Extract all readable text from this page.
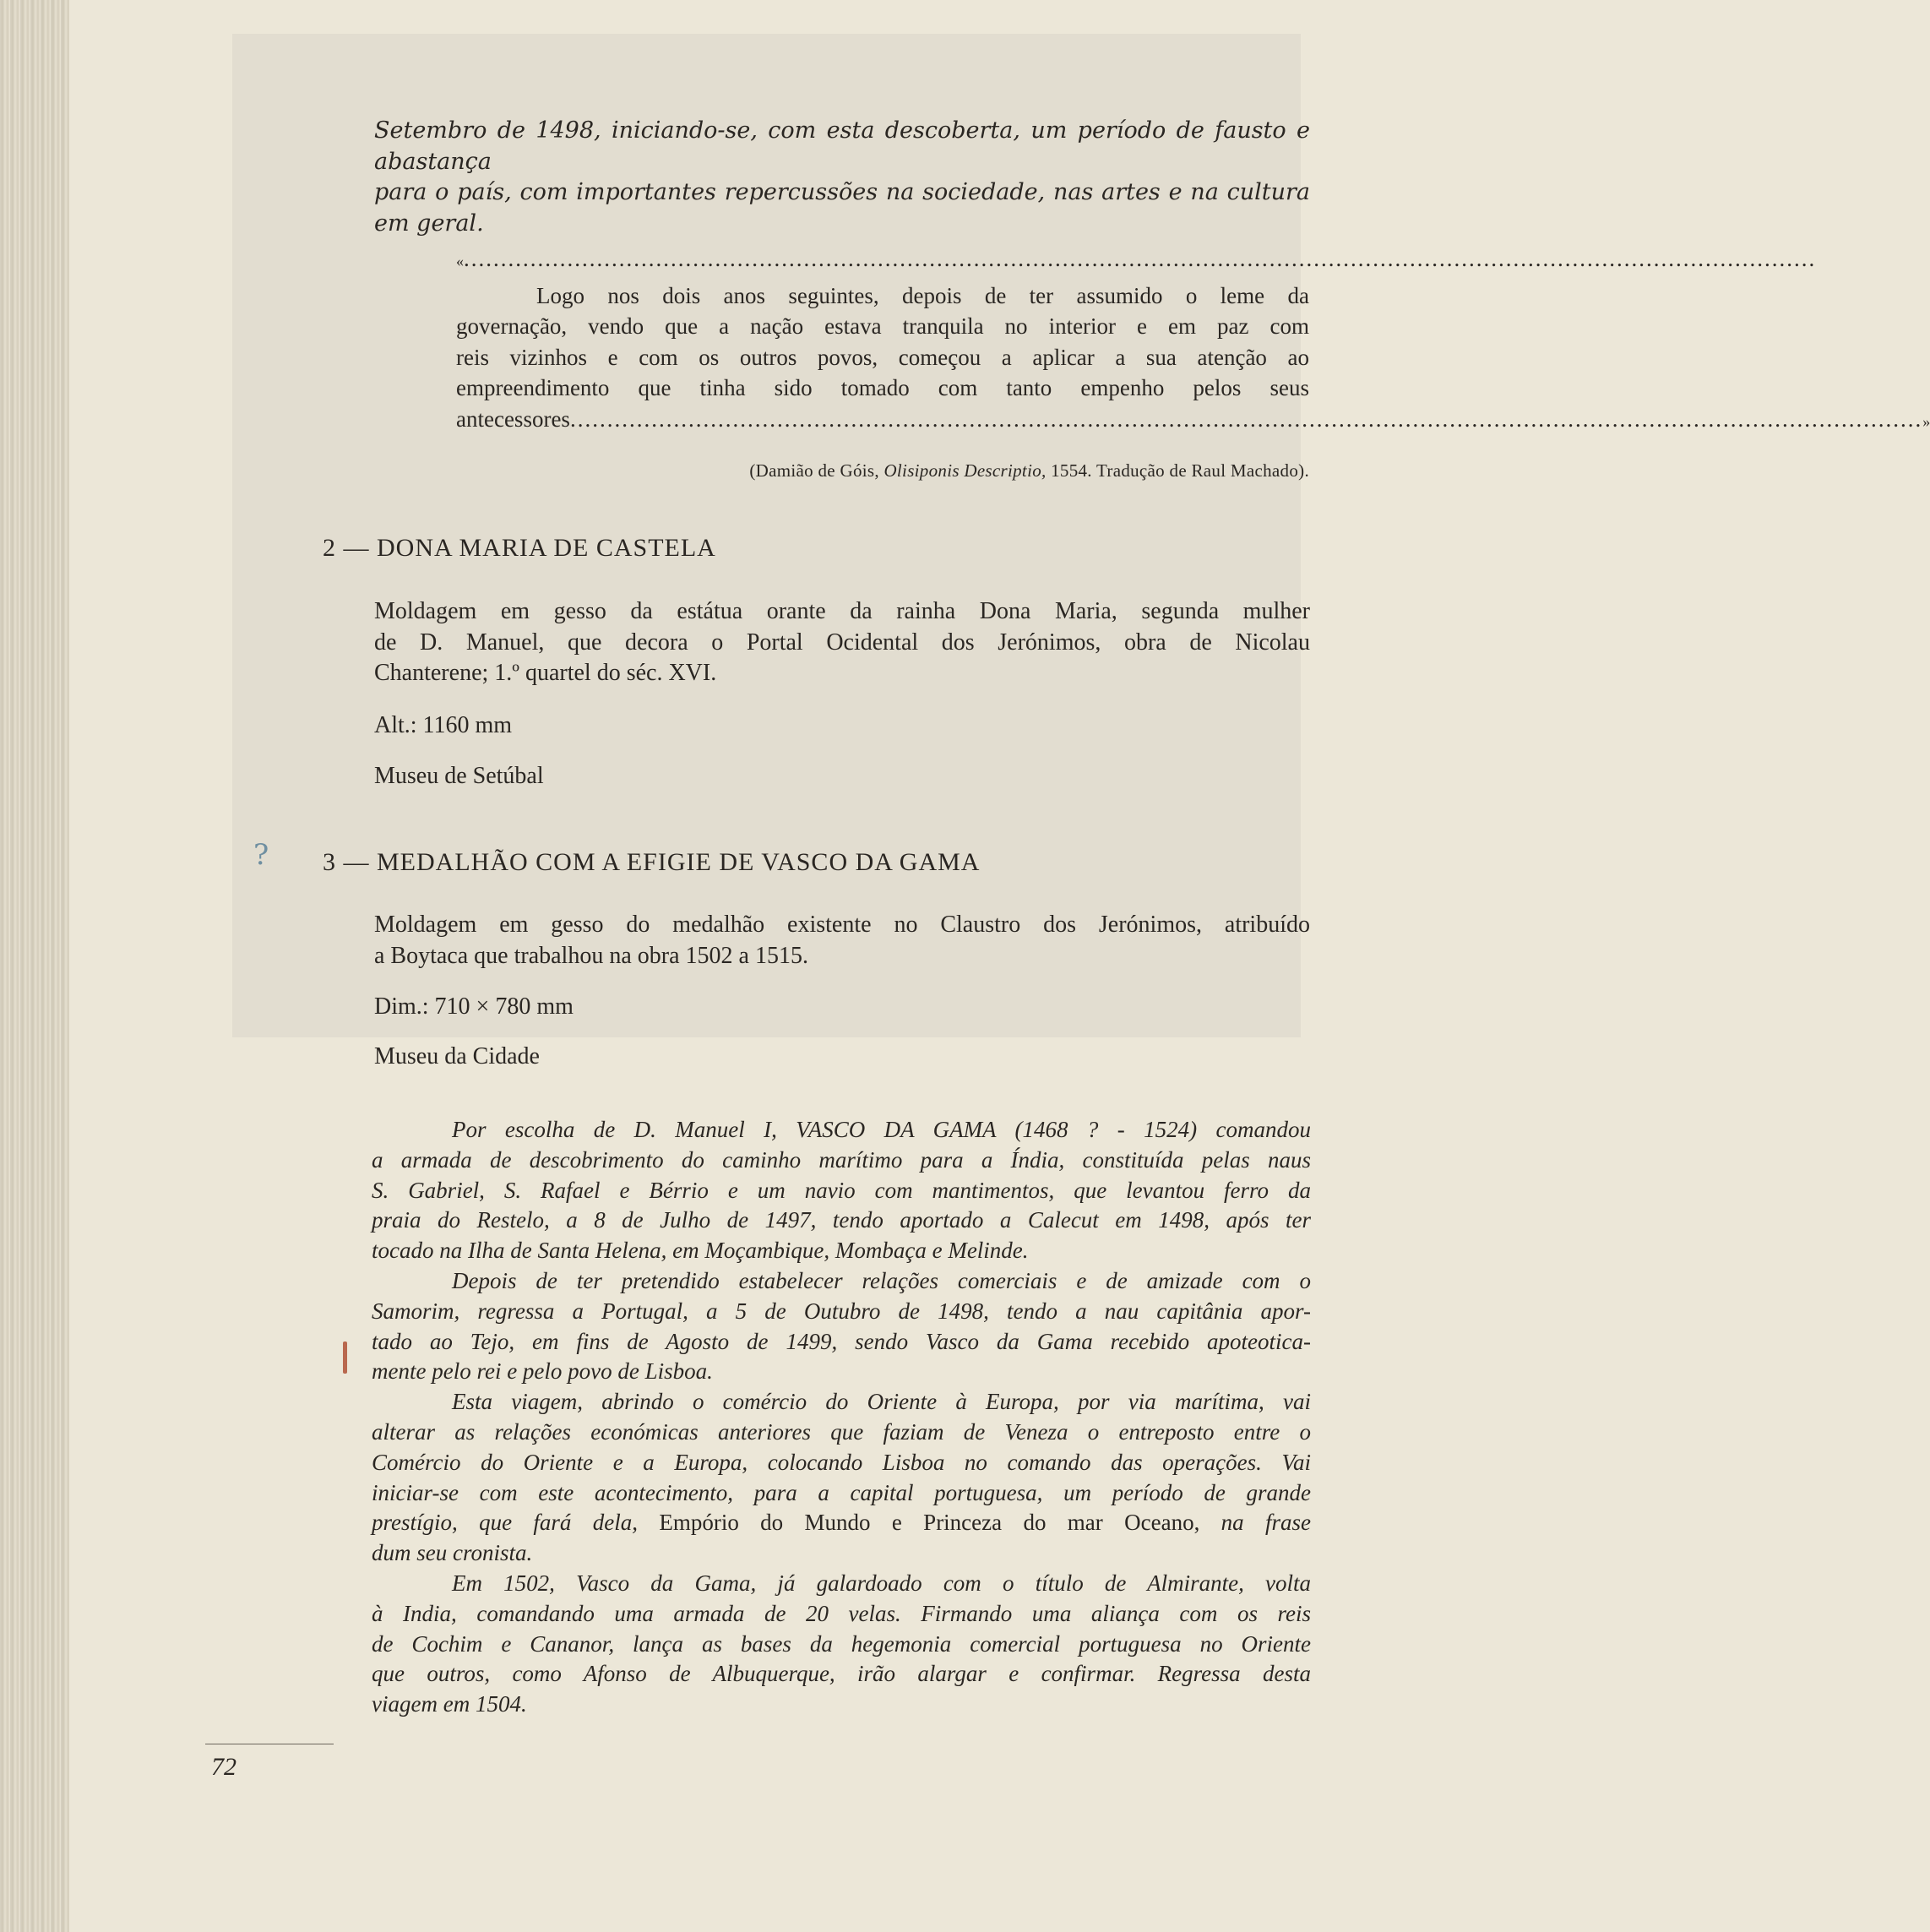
Setembro de 1498, iniciando-se, com esta descoberta, um período de fausto e abastança
para o país, com importantes repercussões na sociedade, nas artes e na cultura
em geral.
« .......................................................................................................................................................................................
Logo nos dois anos seguintes, depois de ter assumido o leme da
governação, vendo que a nação estava tranquila no interior e em paz com
reis vizinhos e com os outros povos, começou a aplicar a sua atenção ao
empreendimento que tinha sido tomado com tanto empenho pelos seus
antecessores ....................................................................................................................................................................................... »
(Damião de Góis, Olisiponis Descriptio, 1554. Tradução de Raul Machado).
2 — DONA MARIA DE CASTELA
Moldagem em gesso da estátua orante da rainha Dona Maria, segunda mulher
de D. Manuel, que decora o Portal Ocidental dos Jerónimos, obra de Nicolau
Chanterene; 1.º quartel do séc. XVI.
Alt.: 1160 mm
Museu de Setúbal
? 3 — MEDALHÃO COM A EFIGIE DE VASCO DA GAMA
Moldagem em gesso do medalhão existente no Claustro dos Jerónimos, atribuído
a Boytaca que trabalhou na obra 1502 a 1515.
Dim.: 710 × 780 mm
Museu da Cidade
Por escolha de D. Manuel I, VASCO DA GAMA (1468 ? - 1524) comandou
a armada de descobrimento do caminho marítimo para a Índia, constituída pelas naus
S. Gabriel, S. Rafael e Bérrio e um navio com mantimentos, que levantou ferro da
praia do Restelo, a 8 de Julho de 1497, tendo aportado a Calecut em 1498, após ter
tocado na Ilha de Santa Helena, em Moçambique, Mombaça e Melinde.
Depois de ter pretendido estabelecer relações comerciais e de amizade com o
Samorim, regressa a Portugal, a 5 de Outubro de 1498, tendo a nau capitânia apor-
tado ao Tejo, em fins de Agosto de 1499, sendo Vasco da Gama recebido apoteotica-
mente pelo rei e pelo povo de Lisboa.
Esta viagem, abrindo o comércio do Oriente à Europa, por via marítima, vai
alterar as relações económicas anteriores que faziam de Veneza o entreposto entre o
Comércio do Oriente e a Europa, colocando Lisboa no comando das operações. Vai
iniciar-se com este acontecimento, para a capital portuguesa, um período de grande
prestígio, que fará dela, Empório do Mundo e Princeza do mar Oceano, na frase
dum seu cronista.
Em 1502, Vasco da Gama, já galardoado com o título de Almirante, volta
à India, comandando uma armada de 20 velas. Firmando uma aliança com os reis
de Cochim e Cananor, lança as bases da hegemonia comercial portuguesa no Oriente
que outros, como Afonso de Albuquerque, irão alargar e confirmar. Regressa desta
viagem em 1504.
72
